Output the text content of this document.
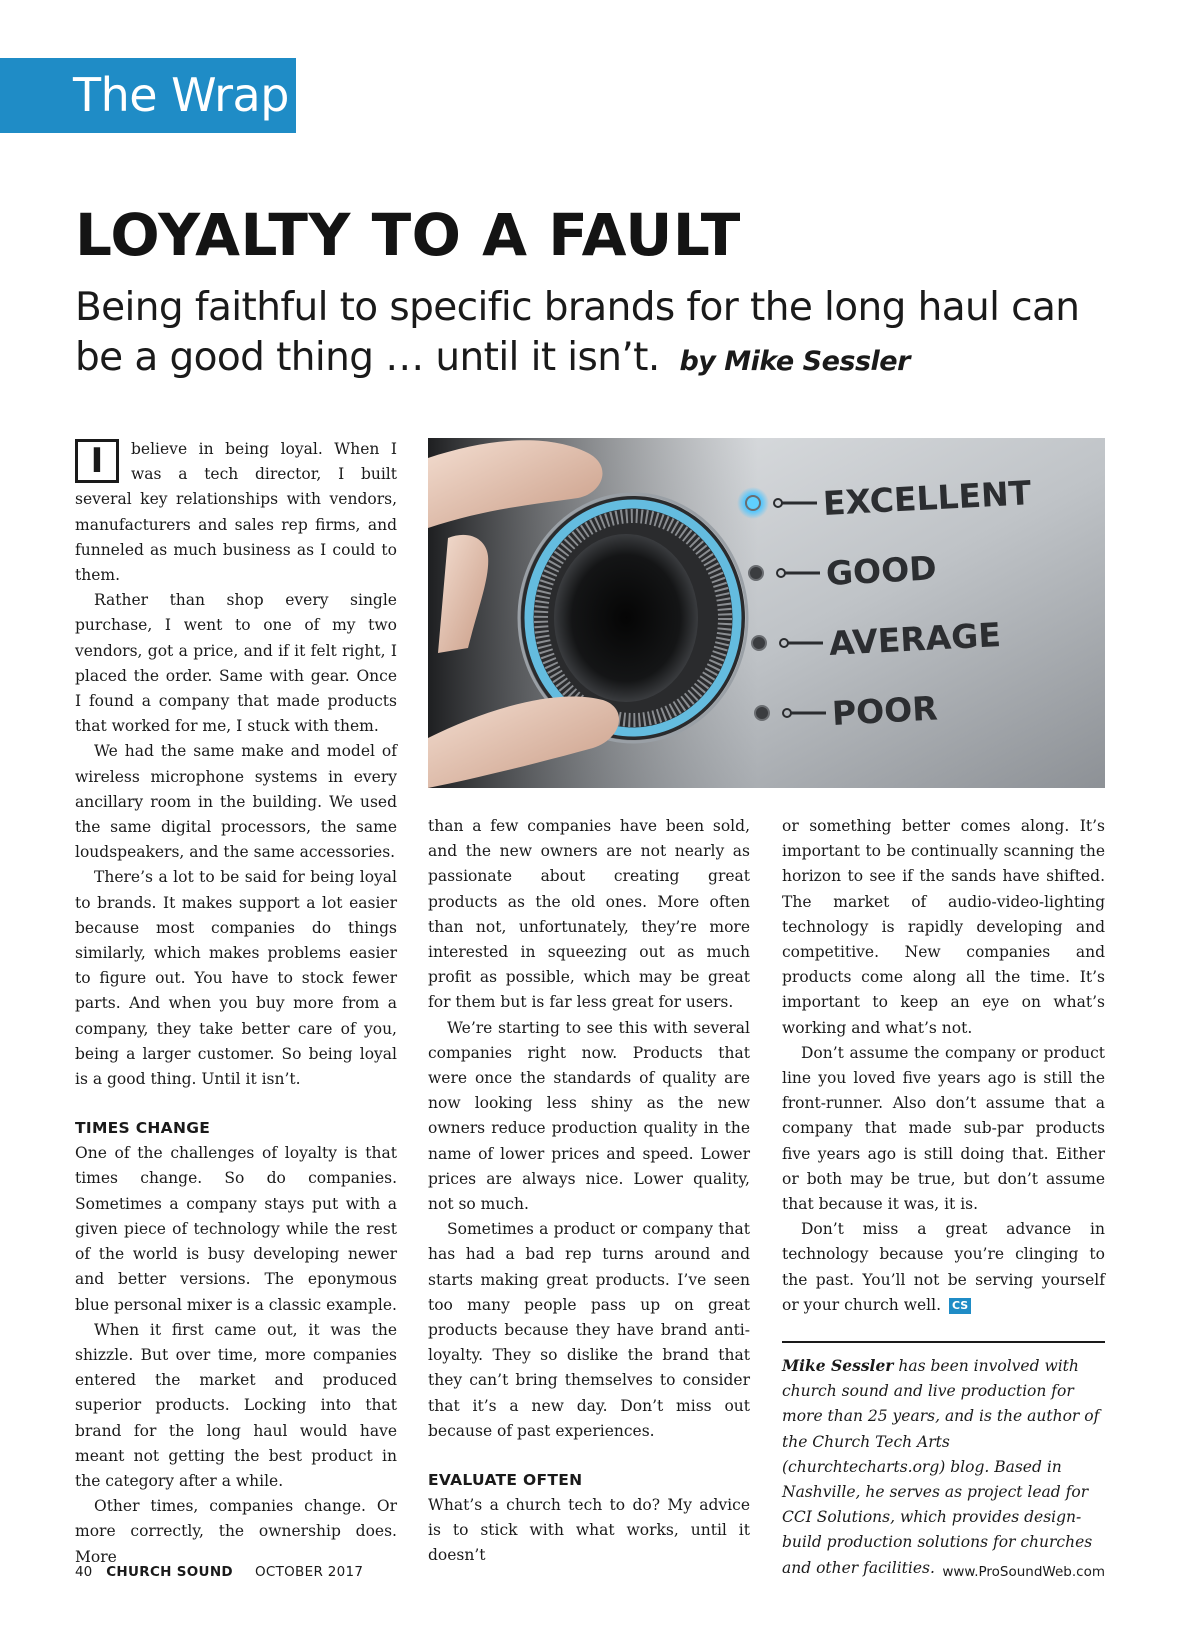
The Wrap
LOYALTY TO A FAULT
Being faithful to specific brands for the long haul can be a good thing … until it isn’t. by Mike Sessler
EXCELLENT
GOOD
AVERAGE
POOR

I	believe in being loyal. When I was a tech director, I built several key relationships with vendors, manufacturers and sales rep firms, and funneled as much business as I could to them.

Rather than shop every single purchase, I went to one of my two vendors, got a price, and if it felt right, I placed the order. Same with gear. Once I found a company that made products that worked for me, I stuck with them.

We had the same make and model of wireless microphone systems in every ancillary room in the building. We used the same digital processors, the same loudspeakers, and the same accessories.

There’s a lot to be said for being loyal to brands. It makes support a lot easier because most companies do things similarly, which makes problems easier to figure out. You have to stock fewer parts. And when you buy more from a company, they take better care of you, being a larger customer. So being loyal is a good thing. Until it isn’t.

TIMES CHANGE

One of the challenges of loyalty is that times change. So do companies. Sometimes a company stays put with a given piece of technology while the rest of the world is busy developing newer and better versions. The eponymous blue personal mixer is a classic example.

When it first came out, it was the shizzle. But over time, more companies entered the market and produced superior products. Locking into that brand for the long haul would have meant not getting the best product in the category after a while.

Other times, companies change. Or more correctly, the ownership does. More

than a few companies have been sold, and the new owners are not nearly as passionate about creating great products as the old ones. More often than not, unfortunately, they’re more interested in squeezing out as much profit as possible, which may be great for them but is far less great for users.

We’re starting to see this with several companies right now. Products that were once the standards of quality are now looking less shiny as the new owners reduce production quality in the name of lower prices and speed. Lower prices are always nice. Lower quality, not so much.

Sometimes a product or company that has had a bad rep turns around and starts making great products. I’ve seen too many people pass up on great products because they have brand anti-loyalty. They so dislike the brand that they can’t bring themselves to consider that it’s a new day. Don’t miss out because of past experiences.

EVALUATE OFTEN

What’s a church tech to do? My advice is to stick with what works, until it doesn’t

or something better comes along. It’s important to be continually scanning the horizon to see if the sands have shifted. The market of audio-video-lighting technology is rapidly developing and competitive. New companies and products come along all the time. It’s important to keep an eye on what’s working and what’s not.

Don’t assume the company or product line you loved five years ago is still the front-runner. Also don’t assume that a company that made sub-par products five years ago is still doing that. Either or both may be true, but don’t assume that because it was, it is.

Don’t miss a great advance in technology because you’re clinging to the past. You’ll not be serving yourself or your church well. CS

Mike Sessler has been involved with church sound and live production for more than 25 years, and is the author of the Church Tech Arts (churchtecharts.org) blog. Based in Nashville, he serves as project lead for CCI Solutions, which provides design-build production solutions for churches and other facilities.

40 CHURCH SOUND OCTOBER 2017	www.ProSoundWeb.com
